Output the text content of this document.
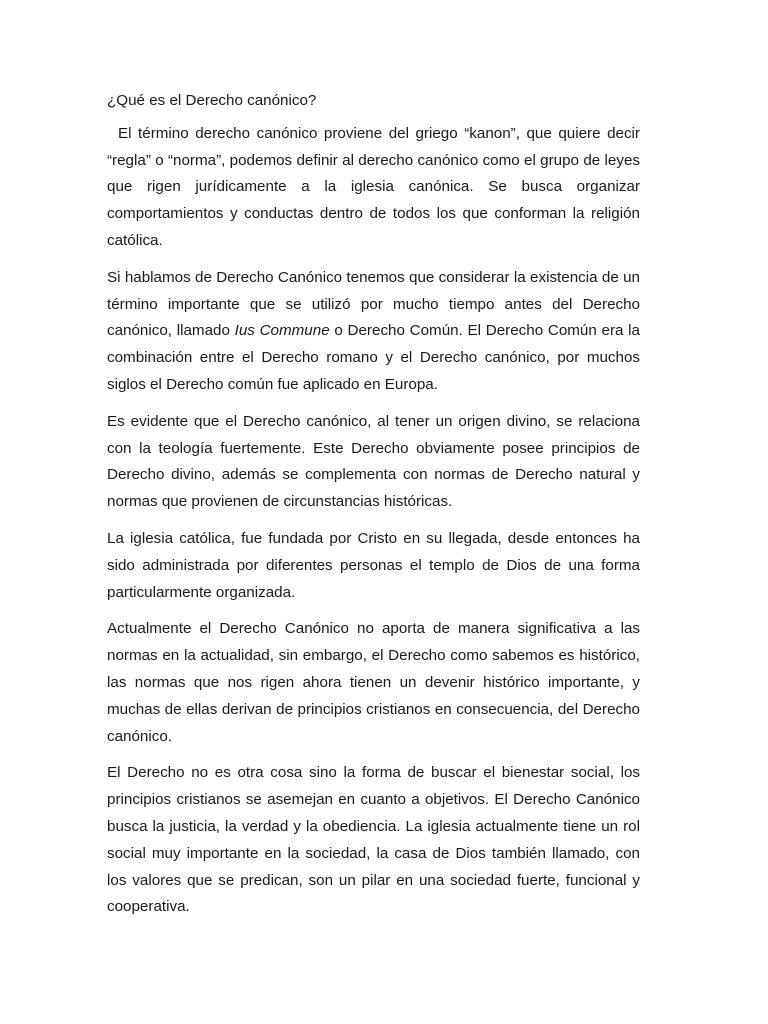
¿Qué es el Derecho canónico?

El término derecho canónico proviene del griego “kanon”, que quiere decir “regla” o “norma”, podemos definir al derecho canónico como el grupo de leyes que rigen jurídicamente a la iglesia canónica. Se busca organizar comportamientos y conductas dentro de todos los que conforman la religión católica.

Si hablamos de Derecho Canónico tenemos que considerar la existencia de un término importante que se utilizó por mucho tiempo antes del Derecho canónico, llamado Ius Commune o Derecho Común. El Derecho Común era la combinación entre el Derecho romano y el Derecho canónico, por muchos siglos el Derecho común fue aplicado en Europa.

Es evidente que el Derecho canónico, al tener un origen divino, se relaciona con la teología fuertemente. Este Derecho obviamente posee principios de Derecho divino, además se complementa con normas de Derecho natural y normas que provienen de circunstancias históricas.

La iglesia católica, fue fundada por Cristo en su llegada, desde entonces ha sido administrada por diferentes personas el templo de Dios de una forma particularmente organizada.

Actualmente el Derecho Canónico no aporta de manera significativa a las normas en la actualidad, sin embargo, el Derecho como sabemos es histórico, las normas que nos rigen ahora tienen un devenir histórico importante, y muchas de ellas derivan de principios cristianos en consecuencia, del Derecho canónico.

El Derecho no es otra cosa sino la forma de buscar el bienestar social, los principios cristianos se asemejan en cuanto a objetivos. El Derecho Canónico busca la justicia, la verdad y la obediencia. La iglesia actualmente tiene un rol social muy importante en la sociedad, la casa de Dios también llamado, con los valores que se predican, son un pilar en una sociedad fuerte, funcional y cooperativa.
